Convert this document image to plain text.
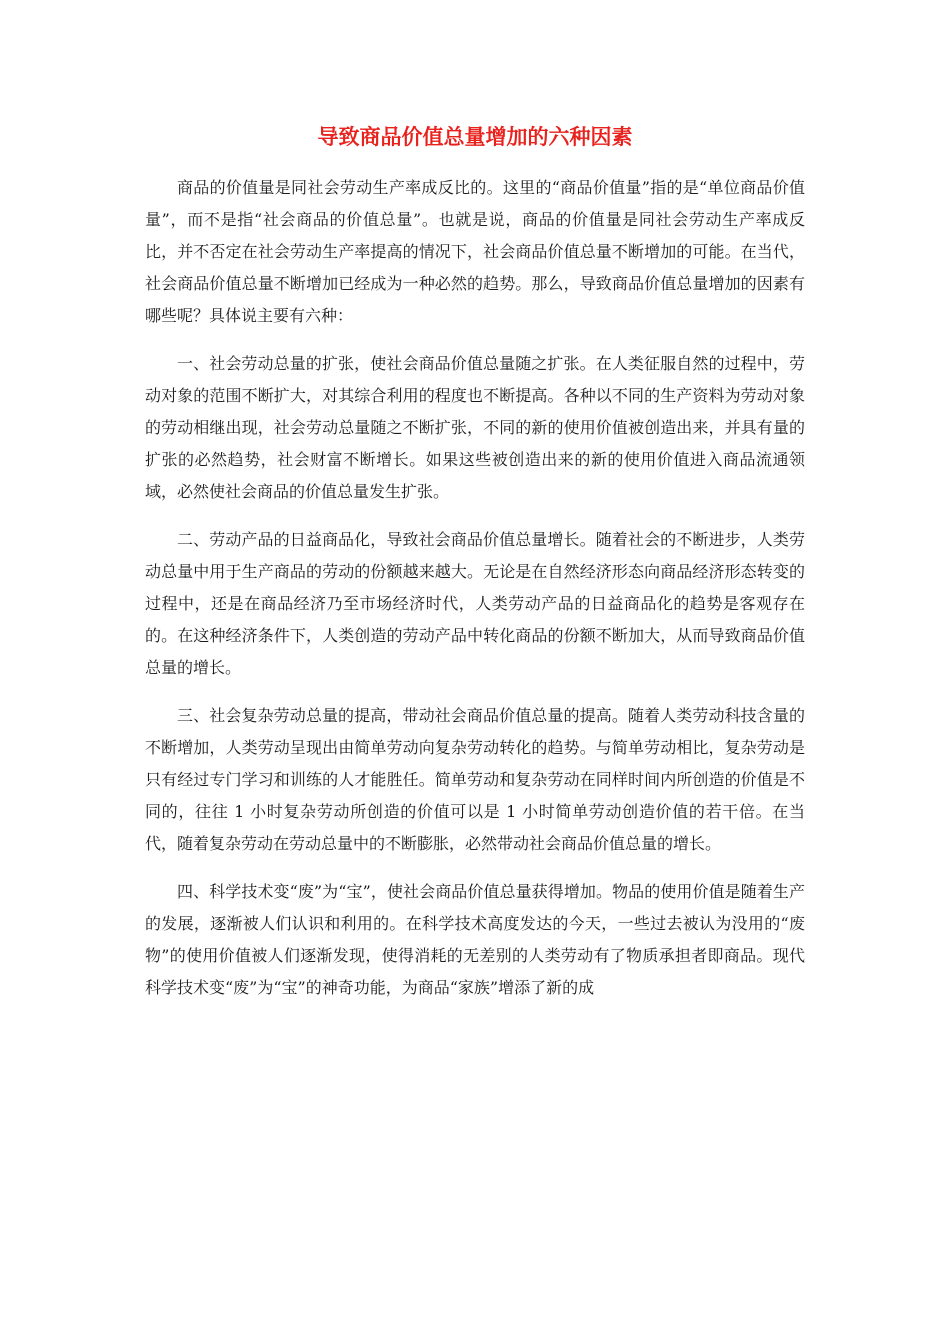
导致商品价值总量增加的六种因素

商品的价值量是同社会劳动生产率成反比的。这里的“商品价值量”指的是“单位商品价值量”，而不是指“社会商品的价值总量”。也就是说，商品的价值量是同社会劳动生产率成反比，并不否定在社会劳动生产率提高的情况下，社会商品价值总量不断增加的可能。在当代，社会商品价值总量不断增加已经成为一种必然的趋势。那么，导致商品价值总量增加的因素有哪些呢？具体说主要有六种：

一、社会劳动总量的扩张，使社会商品价值总量随之扩张。在人类征服自然的过程中，劳动对象的范围不断扩大，对其综合利用的程度也不断提高。各种以不同的生产资料为劳动对象的劳动相继出现，社会劳动总量随之不断扩张，不同的新的使用价值被创造出来，并具有量的扩张的必然趋势，社会财富不断增长。如果这些被创造出来的新的使用价值进入商品流通领域，必然使社会商品的价值总量发生扩张。

二、劳动产品的日益商品化，导致社会商品价值总量增长。随着社会的不断进步，人类劳动总量中用于生产商品的劳动的份额越来越大。无论是在自然经济形态向商品经济形态转变的过程中，还是在商品经济乃至市场经济时代，人类劳动产品的日益商品化的趋势是客观存在的。在这种经济条件下，人类创造的劳动产品中转化商品的份额不断加大，从而导致商品价值总量的增长。

三、社会复杂劳动总量的提高，带动社会商品价值总量的提高。随着人类劳动科技含量的不断增加，人类劳动呈现出由简单劳动向复杂劳动转化的趋势。与简单劳动相比，复杂劳动是只有经过专门学习和训练的人才能胜任。简单劳动和复杂劳动在同样时间内所创造的价值是不同的，往往 1 小时复杂劳动所创造的价值可以是 1 小时简单劳动创造价值的若干倍。在当代，随着复杂劳动在劳动总量中的不断膨胀，必然带动社会商品价值总量的增长。

四、科学技术变“废”为“宝”，使社会商品价值总量获得增加。物品的使用价值是随着生产的发展，逐渐被人们认识和利用的。在科学技术高度发达的今天，一些过去被认为没用的“废物”的使用价值被人们逐渐发现，使得消耗的无差别的人类劳动有了物质承担者即商品。现代科学技术变“废”为“宝”的神奇功能，为商品“家族”增添了新的成
